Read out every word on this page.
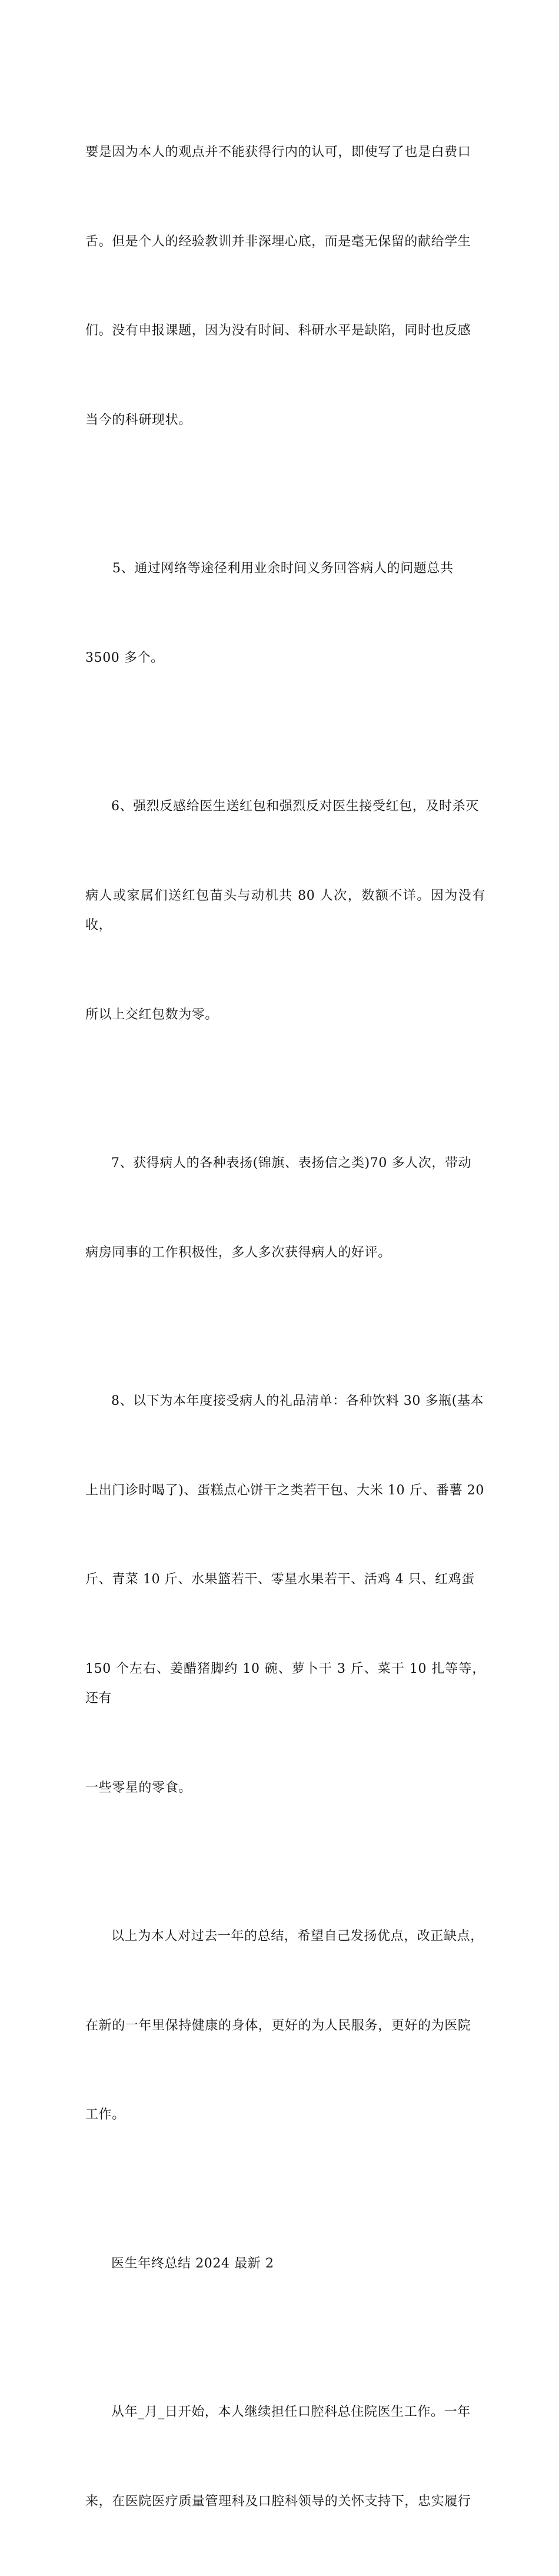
要是因为本人的观点并不能获得行内的认可，即使写了也是白费口

舌。但是个人的经验教训并非深埋心底，而是毫无保留的献给学生

们。没有申报课题，因为没有时间、科研水平是缺陷，同时也反感

当今的科研现状。

5、通过网络等途径利用业余时间义务回答病人的问题总共

3500 多个。

6、强烈反感给医生送红包和强烈反对医生接受红包，及时杀灭

病人或家属们送红包苗头与动机共 80 人次，数额不详。因为没有收，

所以上交红包数为零。

7、获得病人的各种表扬(锦旗、表扬信之类)70 多人次，带动

病房同事的工作积极性，多人多次获得病人的好评。

8、以下为本年度接受病人的礼品清单：各种饮料 30 多瓶(基本

上出门诊时喝了)、蛋糕点心饼干之类若干包、大米 10 斤、番薯 20

斤、青菜 10 斤、水果篮若干、零星水果若干、活鸡 4 只、红鸡蛋

150 个左右、姜醋猪脚约 10 碗、萝卜干 3 斤、菜干 10 扎等等，还有

一些零星的零食。

以上为本人对过去一年的总结，希望自己发扬优点，改正缺点，

在新的一年里保持健康的身体，更好的为人民服务，更好的为医院

工作。

医生年终总结 2024 最新 2

从年_月_日开始，本人继续担任口腔科总住院医生工作。一年

来，在医院医疗质量管理科及口腔科领导的关怀支持下，忠实履行
